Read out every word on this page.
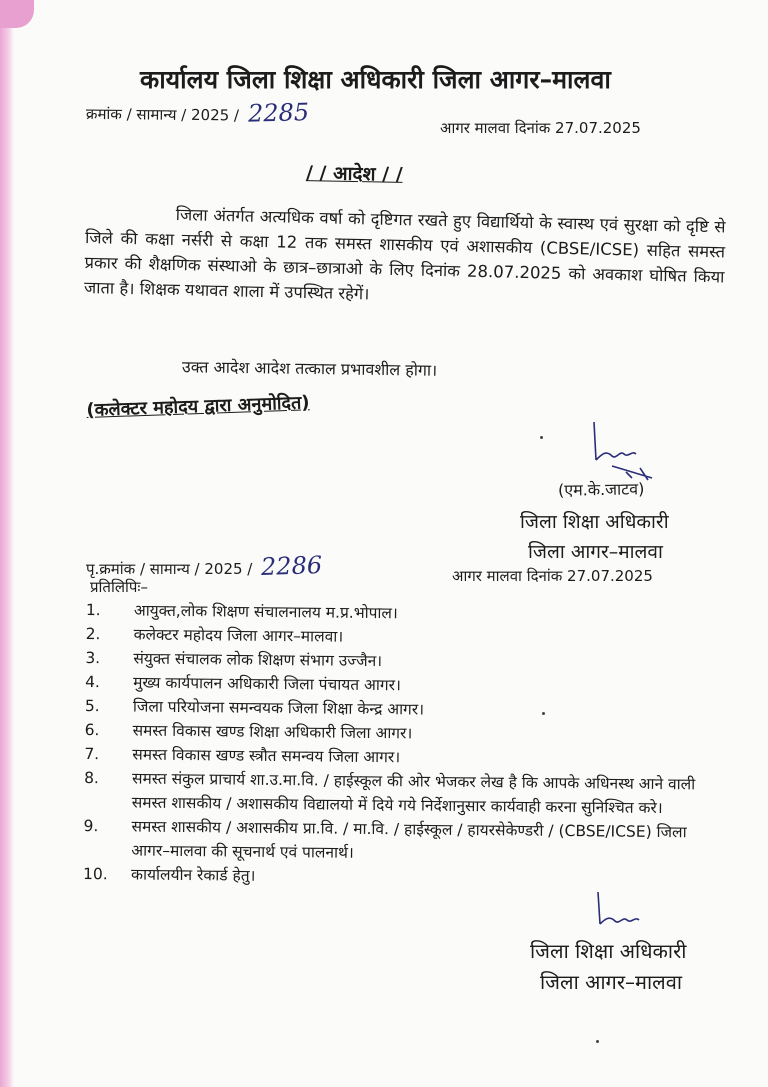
कार्यालय जिला शिक्षा अधिकारी जिला आगर–मालवा
क्रमांक / सामान्य / 2025 / 2285
आगर मालवा दिनांक 27.07.2025
/ / आदेश / /

जिला अंतर्गत अत्यधिक वर्षा को दृष्टिगत रखते हुए विद्यार्थियो के स्वास्थ एवं सुरक्षा को दृष्टि से जिले की कक्षा नर्सरी से कक्षा 12 तक समस्त शासकीय एवं अशासकीय (CBSE/ICSE) सहित समस्त प्रकार की शैक्षणिक संस्थाओ के छात्र–छात्राओ के लिए दिनांक 28.07.2025 को अवकाश घोषित किया जाता है। शिक्षक यथावत शाला में उपस्थित रहेगें।

उक्त आदेश आदेश तत्काल प्रभावशील होगा।
(कलेक्टर महोदय द्वारा अनुमोदित)
(एम.के.जाटव)
जिला शिक्षा अधिकारी
जिला आगर–मालवा
पृ.क्रमांक / सामान्य / 2025 / 2286	आगर मालवा दिनांक 27.07.2025
प्रतिलिपिः–
1.	आयुक्त,लोक शिक्षण संचालनालय म.प्र.भोपाल।
2.	कलेक्टर महोदय जिला आगर–मालवा।
3.	संयुक्त संचालक लोक शिक्षण संभाग उज्जैन।
4.	मुख्य कार्यपालन अधिकारी जिला पंचायत आगर।
5.	जिला परियोजना समन्वयक जिला शिक्षा केन्द्र आगर।
6.	समस्त विकास खण्ड शिक्षा अधिकारी जिला आगर।
7.	समस्त विकास खण्ड स्त्रौत समन्वय जिला आगर।
8.	समस्त संकुल प्राचार्य शा.उ.मा.वि. / हाईस्कूल की ओर भेजकर लेख है कि आपके अधिनस्थ आने वाली समस्त शासकीय / अशासकीय विद्यालयो में दिये गये निर्देशानुसार कार्यवाही करना सुनिश्चित करे।
9.	समस्त शासकीय / अशासकीय प्रा.वि. / मा.वि. / हाईस्कूल / हायरसेकेण्डरी / (CBSE/ICSE) जिला आगर–मालवा की सूचनार्थ एवं पालनार्थ।
10.	कार्यालयीन रेकार्ड हेतु।
जिला शिक्षा अधिकारी
जिला आगर–मालवा
